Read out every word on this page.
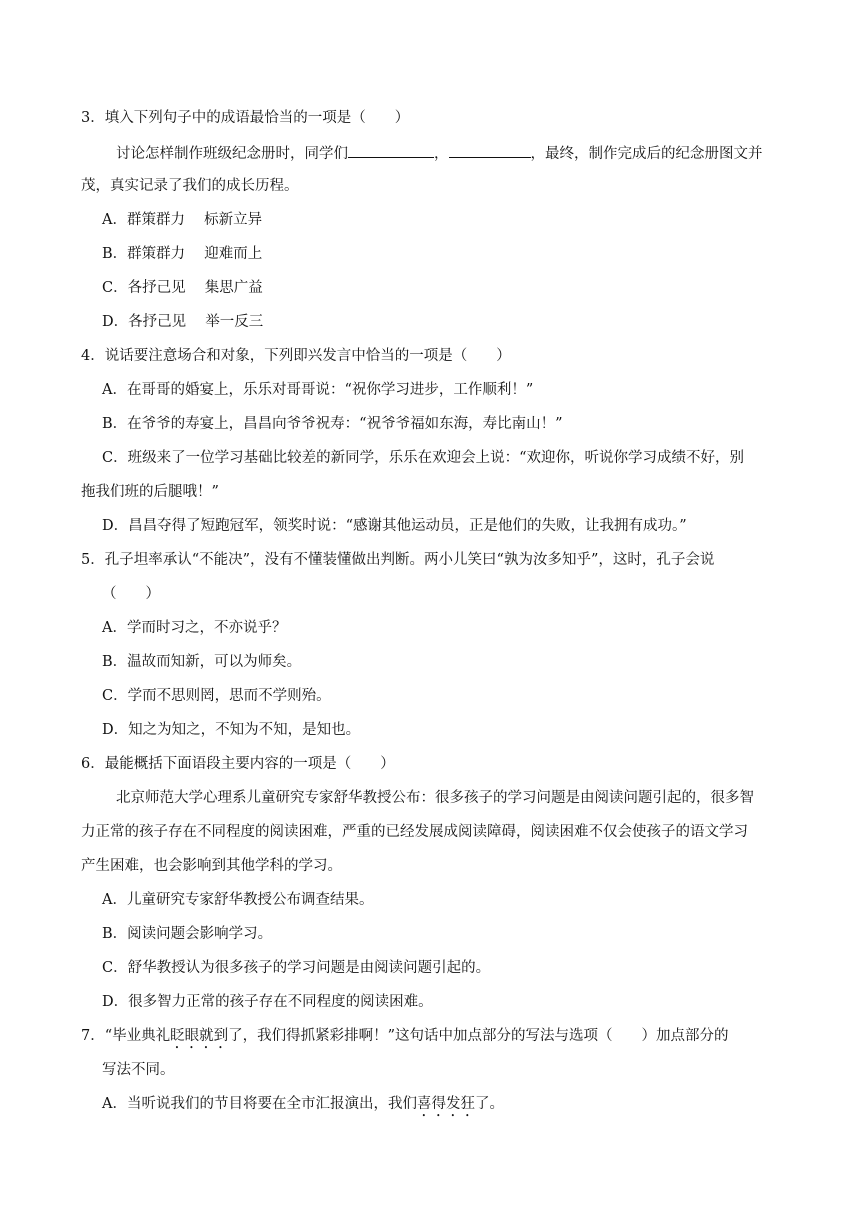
3．填入下列句子中的成语最恰当的一项是（　　）
讨论怎样制作班级纪念册时，同学们	，	，最终，制作完成后的纪念册图文并
茂，真实记录了我们的成长历程。
A．群策群力　 标新立异
B．群策群力　 迎难而上
C．各抒己见　 集思广益
D．各抒己见　 举一反三
4．说话要注意场合和对象，下列即兴发言中恰当的一项是（　　）
A．在哥哥的婚宴上，乐乐对哥哥说：“祝你学习进步，工作顺利！”
B．在爷爷的寿宴上，昌昌向爷爷祝寿：“祝爷爷福如东海，寿比南山！”
C．班级来了一位学习基础比较差的新同学，乐乐在欢迎会上说：“欢迎你，听说你学习成绩不好，别
拖我们班的后腿哦！”
D．昌昌夺得了短跑冠军，领奖时说：“感谢其他运动员，正是他们的失败，让我拥有成功。”
5．孔子坦率承认“不能决”，没有不懂装懂做出判断。两小儿笑曰“孰为汝多知乎”，这时，孔子会说
（　　）
A．学而时习之，不亦说乎？
B．温故而知新，可以为师矣。
C．学而不思则罔，思而不学则殆。
D．知之为知之，不知为不知，是知也。
6．最能概括下面语段主要内容的一项是（　　）
北京师范大学心理系儿童研究专家舒华教授公布：很多孩子的学习问题是由阅读问题引起的，很多智
力正常的孩子存在不同程度的阅读困难，严重的已经发展成阅读障碍，阅读困难不仅会使孩子的语文学习
产生困难，也会影响到其他学科的学习。
A．儿童研究专家舒华教授公布调查结果。
B．阅读问题会影响学习。
C．舒华教授认为很多孩子的学习问题是由阅读问题引起的。
D．很多智力正常的孩子存在不同程度的阅读困难。
7．“毕业典礼眨眼就到了，我们得抓紧彩排啊！”这句话中加点部分的写法与选项（　　）加点部分的
写法不同。
A．当听说我们的节目将要在全市汇报演出，我们喜得发狂了。
